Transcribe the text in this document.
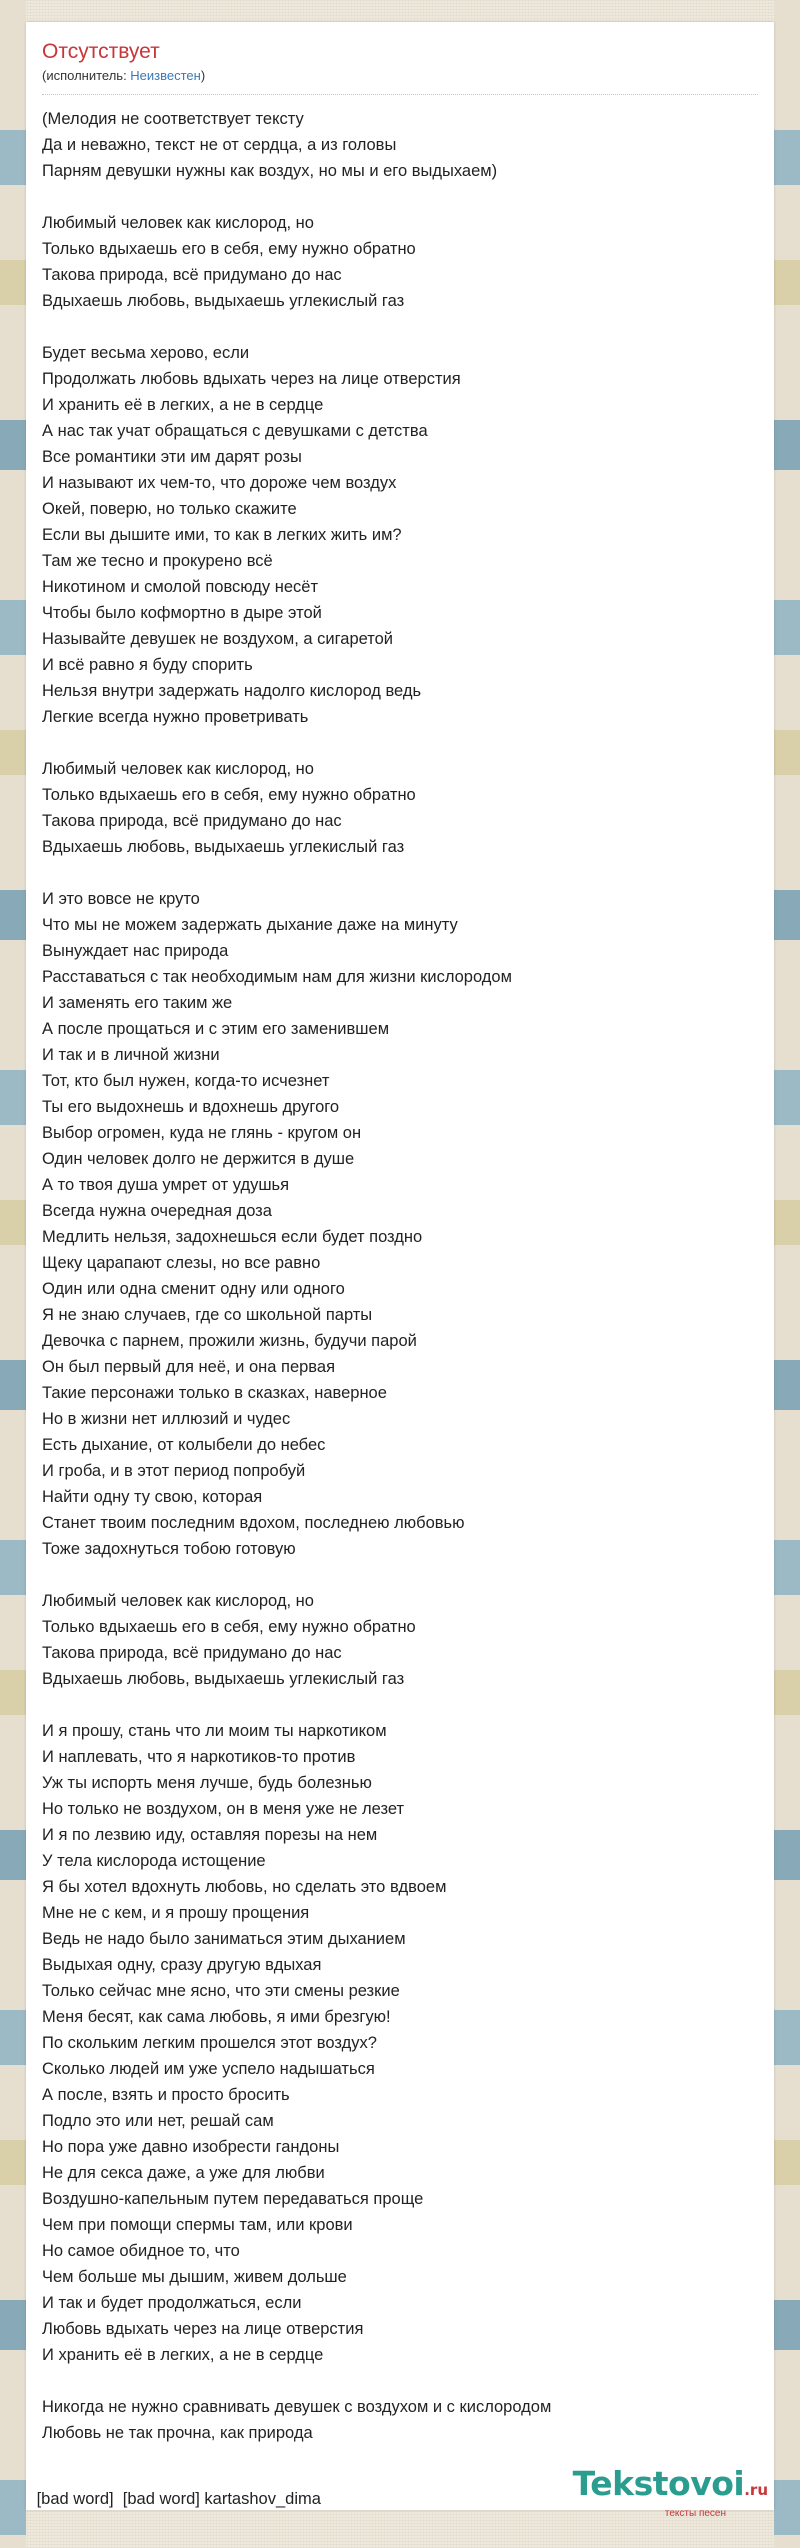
Отсутствует
(исполнитель: Неизвестен)
(Мелодия не соответствует тексту
Да и неважно, текст не от сердца, а из головы
Парням девушки нужны как воздух, но мы и его выдыхаем)
Любимый человек как кислород, но
Только вдыхаешь его в себя, ему нужно обратно
Такова природа, всё придумано до нас
Вдыхаешь любовь, выдыхаешь углекислый газ
Будет весьма херово, если
Продолжать любовь вдыхать через на лице отверстия
И хранить её в легких, а не в сердце
А нас так учат обращаться с девушками с детства
Все романтики эти им дарят розы
И называют их чем-то, что дороже чем воздух
Окей, поверю, но только скажите
Если вы дышите ими, то как в легких жить им?
Там же тесно и прокурено всё
Никотином и смолой повсюду несёт
Чтобы было кофмортно в дыре этой
Называйте девушек не воздухом, а сигаретой
И всё равно я буду спорить
Нельзя внутри задержать надолго кислород ведь
Легкие всегда нужно проветривать
Любимый человек как кислород, но
Только вдыхаешь его в себя, ему нужно обратно
Такова природа, всё придумано до нас
Вдыхаешь любовь, выдыхаешь углекислый газ
И это вовсе не круто
Что мы не можем задержать дыхание даже на минуту
Вынуждает нас природа
Расставаться с так необходимым нам для жизни кислородом
И заменять его таким же
А после прощаться и с этим его заменившем
И так и в личной жизни
Тот, кто был нужен, когда-то исчезнет
Ты его выдохнешь и вдохнешь другого
Выбор огромен, куда не глянь - кругом он
Один человек долго не держится в душе
А то твоя душа умрет от удушья
Всегда нужна очередная доза
Медлить нельзя, задохнешься если будет поздно
Щеку царапают слезы, но все равно
Один или одна сменит одну или одного
Я не знаю случаев, где со школьной парты
Девочка с парнем, прожили жизнь, будучи парой
Он был первый для неё, и она первая
Такие персонажи только в сказках, наверное
Но в жизни нет иллюзий и чудес
Есть дыхание, от колыбели до небес
И гроба, и в этот период попробуй
Найти одну ту свою, которая
Станет твоим последним вдохом, последнею любовью
Тоже задохнуться тобою готовую
Любимый человек как кислород, но
Только вдыхаешь его в себя, ему нужно обратно
Такова природа, всё придумано до нас
Вдыхаешь любовь, выдыхаешь углекислый газ
И я прошу, стань что ли моим ты наркотиком
И наплевать, что я наркотиков-то против
Уж ты испорть меня лучше, будь болезнью
Но только не воздухом, он в меня уже не лезет
И я по лезвию иду, оставляя порезы на нем
У тела кислорода истощение
Я бы хотел вдохнуть любовь, но сделать это вдвоем
Мне не с кем, и я прошу прощения
Ведь не надо было заниматься этим дыханием
Выдыхая одну, сразу другую вдыхая
Только сейчас мне ясно, что эти смены резкие
Меня бесят, как сама любовь, я ими брезгую!
По скольким легким прошелся этот воздух?
Сколько людей им уже успело надышаться
А после, взять и просто бросить
Подло это или нет, решай сам
Но пора уже давно изобрести гандоны
Не для секса даже, а уже для любви
Воздушно-капельным путем передаваться проще
Чем при помощи спермы там, или крови
Но самое обидное то, что
Чем больше мы дышим, живем дольше
И так и будет продолжаться, если
Любовь вдыхать через на лице отверстия
И хранить её в легких, а не в сердце
Никогда не нужно сравнивать девушек с воздухом и с кислородом
Любовь не так прочна, как природа
[bad word]  [bad word] kartashov_dima	Tekstovoi.ru
тексты песен
